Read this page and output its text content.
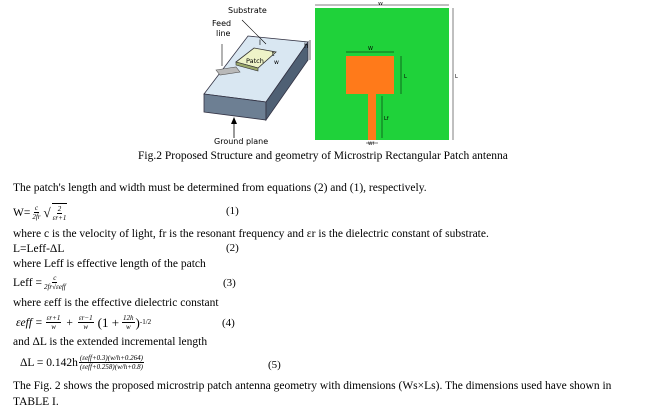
Feed
line
Substrate
Patch
l	h
t
w
Ground plane
W
L
W
L
Lf
Wf
Fig.2 Proposed Structure and geometry of Microstrip Rectangular Patch antenna
The patch's length and width must be determined from equations (2) and (1), respectively.
$W= \frac{c}{2fr}$ √ $\frac{2}{\varepsilon r+1}$	(1)
where c is the velocity of light, fr is the resonant frequency and εr is the dielectric constant of substrate.
L=Leff-ΔL	(2)
where Leff is effective length of the patch
Leff = $\frac{c}{\text{2fr√εeff}}$	(3)
where εeff is the effective dielectric constant
$\varepsilon eff = \frac{\varepsilon r+1}{w} + \frac{\varepsilon r-1}{w} (1 + \frac{12h}{w}$ ) -1/2	(4)
and ΔL is the extended incremental length
$\Delta L = 0.142h \frac{\text{(εeff+0.3)(w/h+0.264)}}{\text{(εeff+0.258)(w/h+0.8)}}$	(5)
The Fig. 2 shows the proposed microstrip patch antenna geometry with dimensions (Ws×Ls). The dimensions used have shown in
TABLE I.
